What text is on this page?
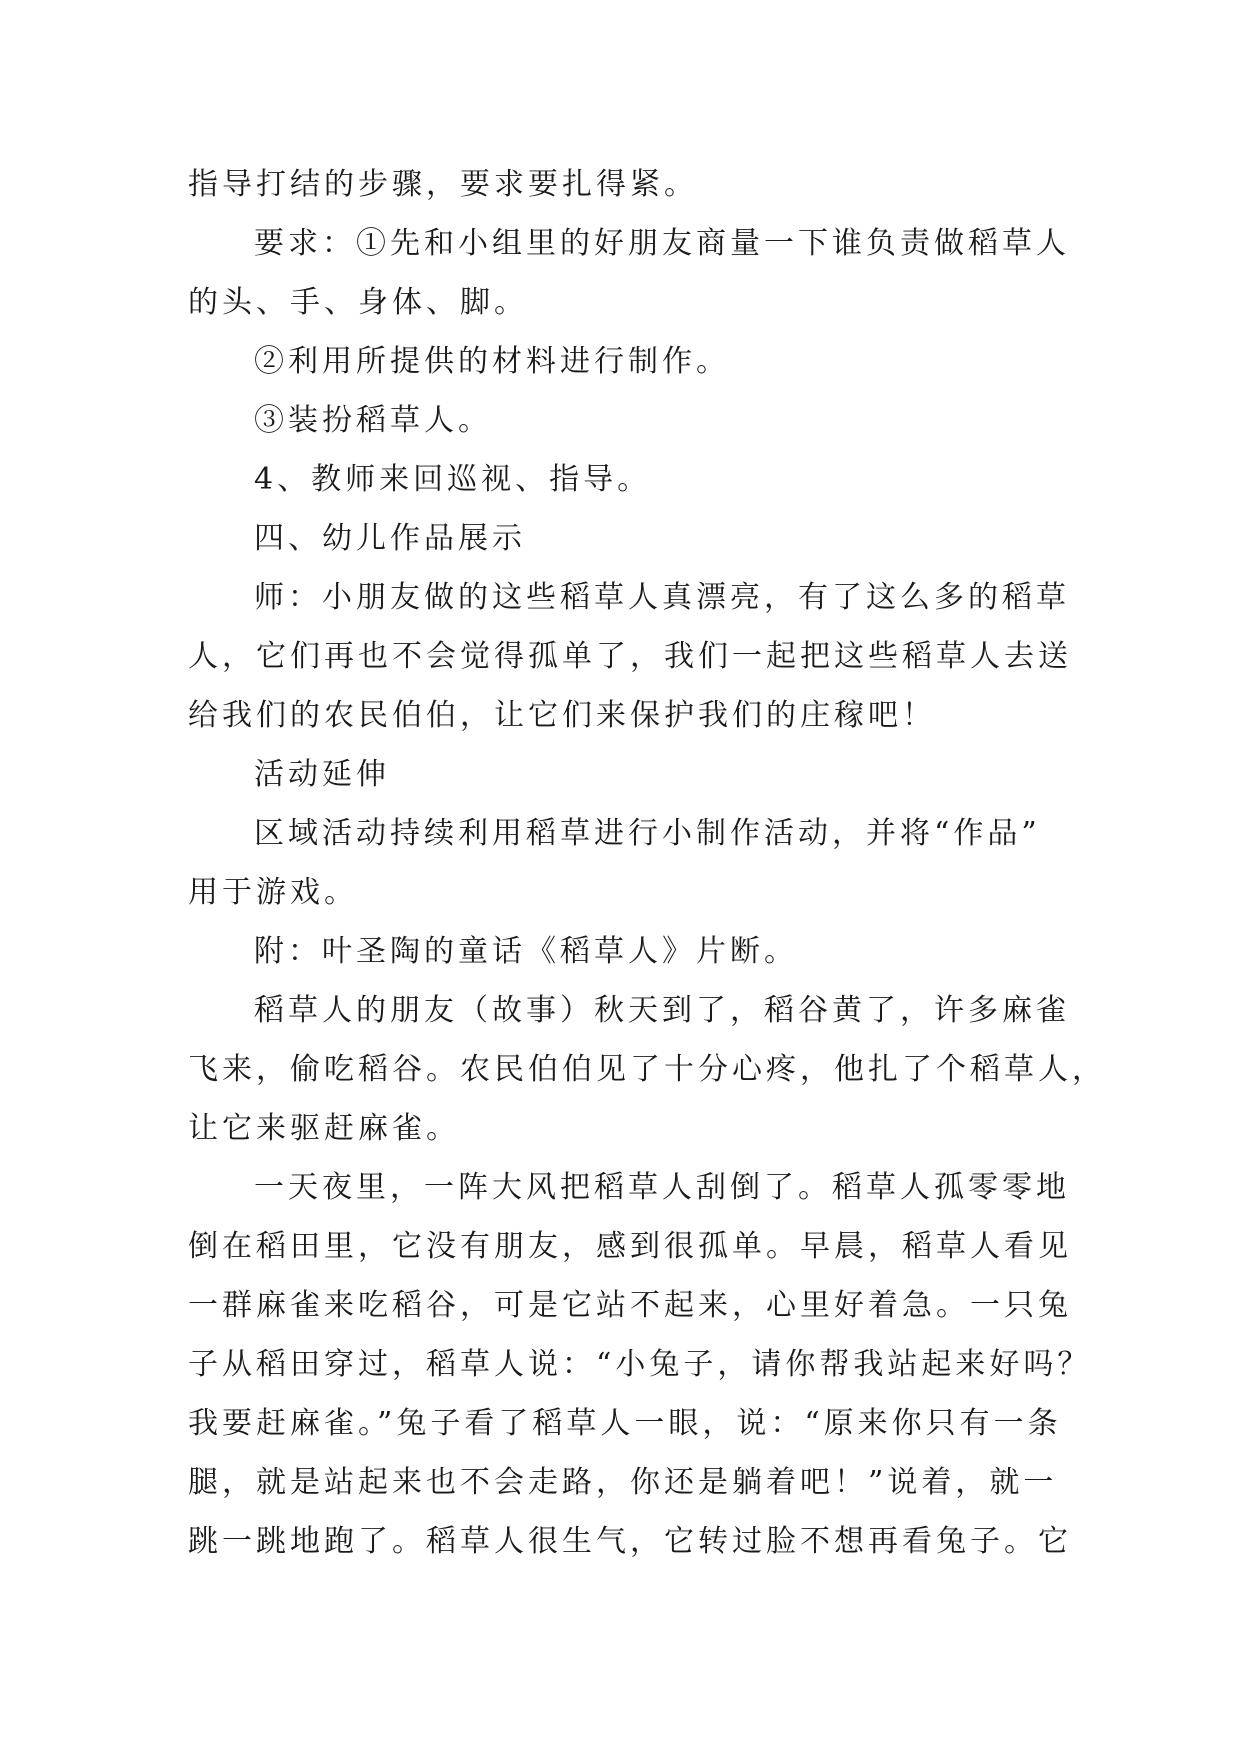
指导打结的步骤，要求要扎得紧。
要求：①先和小组里的好朋友商量一下谁负责做稻草人
的头、手、身体、脚。
②利用所提供的材料进行制作。
③装扮稻草人。
4、教师来回巡视、指导。
四、幼儿作品展示
师：小朋友做的这些稻草人真漂亮，有了这么多的稻草
人，它们再也不会觉得孤单了，我们一起把这些稻草人去送
给我们的农民伯伯，让它们来保护我们的庄稼吧！
活动延伸
区域活动持续利用稻草进行小制作活动，并将“作品”
用于游戏。
附：叶圣陶的童话《稻草人》片断。
稻草人的朋友（故事）秋天到了，稻谷黄了，许多麻雀
飞来，偷吃稻谷。农民伯伯见了十分心疼，他扎了个稻草人，
让它来驱赶麻雀。
一天夜里，一阵大风把稻草人刮倒了。稻草人孤零零地
倒在稻田里，它没有朋友，感到很孤单。早晨，稻草人看见
一群麻雀来吃稻谷，可是它站不起来，心里好着急。一只兔
子从稻田穿过，稻草人说：“小兔子，请你帮我站起来好吗？
我要赶麻雀。”兔子看了稻草人一眼，说：“原来你只有一条
腿，就是站起来也不会走路，你还是躺着吧！”说着，就一
跳一跳地跑了。稻草人很生气，它转过脸不想再看兔子。它
